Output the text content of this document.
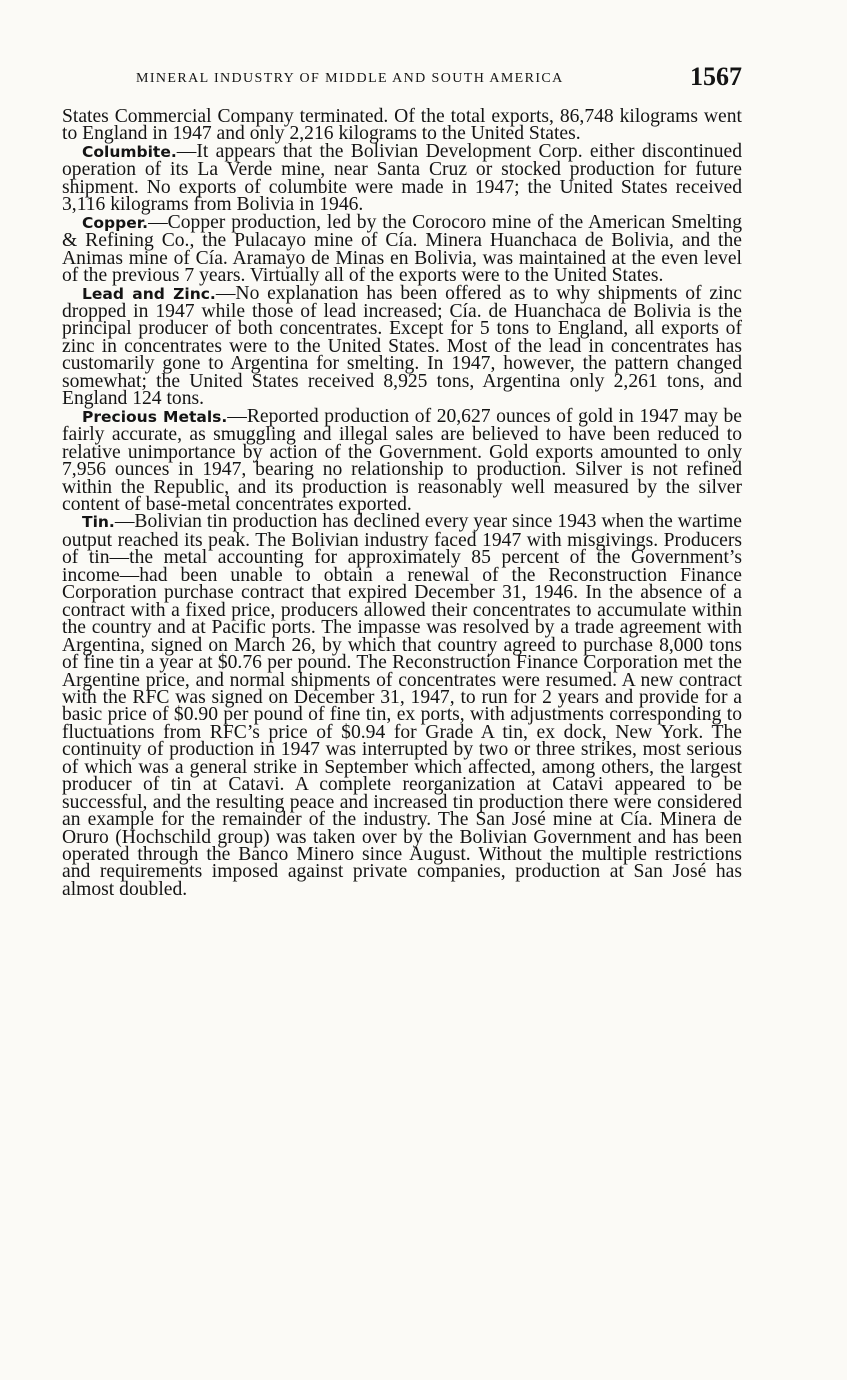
MINERAL INDUSTRY OF MIDDLE AND SOUTH AMERICA	1567

States Commercial Company terminated. Of the total exports, 86,748 kilograms went to England in 1947 and only 2,216 kilograms to the United States.

Columbite.—It appears that the Bolivian Development Corp. either discontinued operation of its La Verde mine, near Santa Cruz or stocked production for future shipment. No exports of columbite were made in 1947; the United States received 3,116 kilograms from Bolivia in 1946.

Copper.—Copper production, led by the Corocoro mine of the American Smelting & Refining Co., the Pulacayo mine of Cía. Minera Huanchaca de Bolivia, and the Animas mine of Cía. Aramayo de Minas en Bolivia, was maintained at the even level of the previous 7 years. Virtually all of the exports were to the United States.

Lead and Zinc.—No explanation has been offered as to why shipments of zinc dropped in 1947 while those of lead increased; Cía. de Huanchaca de Bolivia is the principal producer of both concentrates. Except for 5 tons to England, all exports of zinc in concentrates were to the United States. Most of the lead in concentrates has customarily gone to Argentina for smelting. In 1947, however, the pattern changed somewhat; the United States received 8,925 tons, Argentina only 2,261 tons, and England 124 tons.

Precious Metals.—Reported production of 20,627 ounces of gold in 1947 may be fairly accurate, as smuggling and illegal sales are believed to have been reduced to relative unimportance by action of the Government. Gold exports amounted to only 7,956 ounces in 1947, bearing no relationship to production. Silver is not refined within the Republic, and its production is reasonably well measured by the silver content of base-metal concentrates exported.

Tin.—Bolivian tin production has declined every year since 1943 when the wartime output reached its peak. The Bolivian industry faced 1947 with misgivings. Producers of tin—the metal accounting for approximately 85 percent of the Government’s income—had been unable to obtain a renewal of the Reconstruction Finance Corporation purchase contract that expired December 31, 1946. In the absence of a contract with a fixed price, producers allowed their concentrates to accumulate within the country and at Pacific ports. The impasse was resolved by a trade agreement with Argentina, signed on March 26, by which that country agreed to purchase 8,000 tons of fine tin a year at $0.76 per pound. The Reconstruction Finance Corporation met the Argentine price, and normal shipments of concentrates were resumed. A new contract with the RFC was signed on December 31, 1947, to run for 2 years and provide for a basic price of $0.90 per pound of fine tin, ex ports, with adjustments corresponding to fluctuations from RFC’s price of $0.94 for Grade A tin, ex dock, New York. The continuity of production in 1947 was interrupted by two or three strikes, most serious of which was a general strike in September which affected, among others, the largest producer of tin at Catavi. A complete reorganization at Catavi appeared to be successful, and the resulting peace and increased tin production there were considered an example for the remainder of the industry. The San José mine at Cía. Minera de Oruro (Hochschild group) was taken over by the Bolivian Government and has been operated through the Banco Minero since August. Without the multiple restrictions and requirements imposed against private companies, production at San José has almost doubled.
